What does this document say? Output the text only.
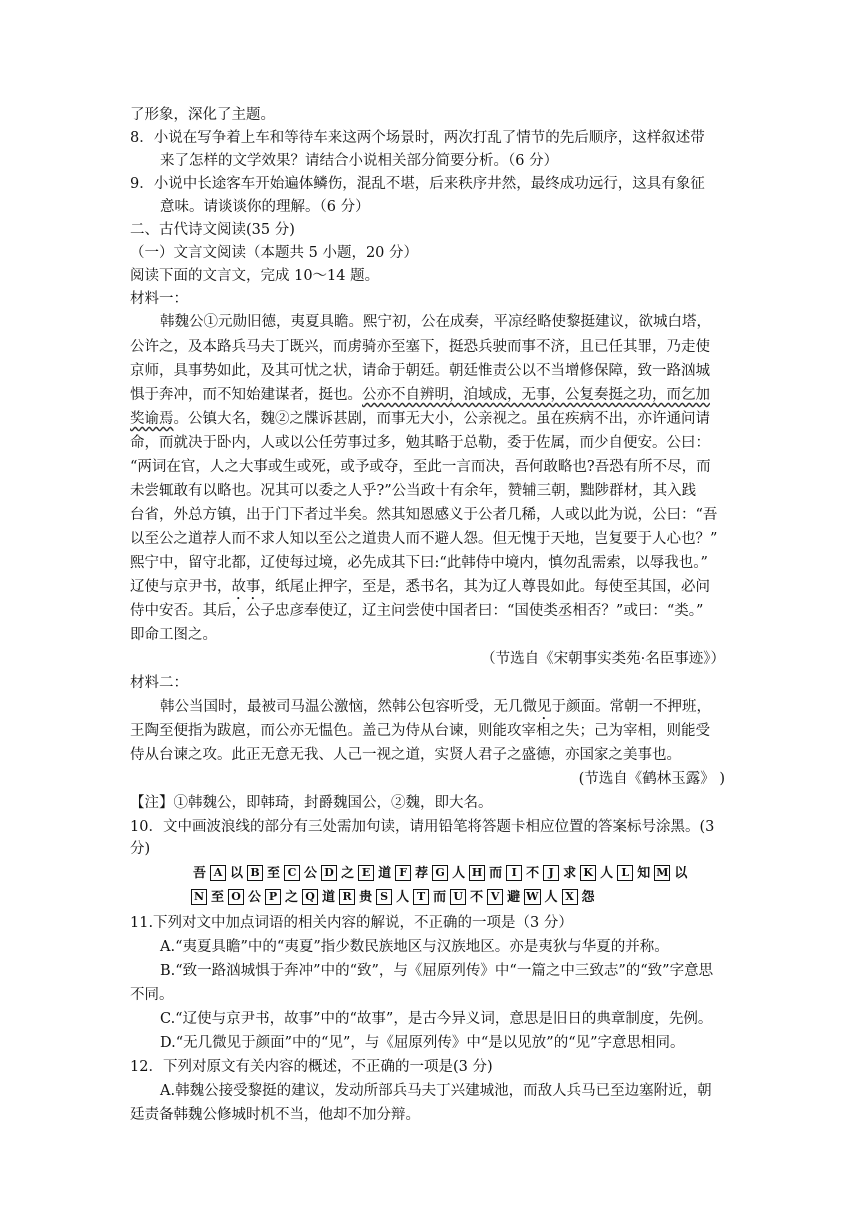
了形象，深化了主题。
8．小说在写争着上车和等待车来这两个场景时，两次打乱了情节的先后顺序，这样叙述带
来了怎样的文学效果？请结合小说相关部分简要分析。（6 分）
9．小说中长途客车开始遍体鳞伤，混乱不堪，后来秩序井然，最终成功远行，这具有象征
意味。请谈谈你的理解。（6 分）
二、古代诗文阅读(35 分)
（一）文言文阅读（本题共 5 小题，20 分）
阅读下面的文言文，完成 10～14 题。
材料一：
韩魏公①元勋旧德，夷夏具瞻。熙宁初，公在成奏，平凉经略使黎挺建议，欲城白塔，
公许之，及本路兵马夫丁既兴，而虏骑亦至塞下，挺恐兵驶而事不济，且已任其罪，乃走使
京师，具事势如此，及其可忧之状，请命于朝廷。朝廷惟责公以不当增修保障，致一路汹城
惧于奔冲，而不知始建谋者，挺也。公亦不自辨明，洎域成，无事，公复奏挺之功，而乞加
奖谕焉。公镇大名，魏②之牒诉甚剧，而事无大小，公亲视之。虽在疾病不出，亦许通问请
命，而就决于卧内，人或以公任劳事过多，勉其略于总勒，委于佐属，而少自便安。公曰：
“两词在官，人之大事或生或死，或予或夺，至此一言而决，吾何敢略也?吾恐有所不尽，而
未尝辄敢有以略也。况其可以委之人乎?”公当政十有余年，赞辅三朝，黜陟群材，其入践
台省，外总方镇，出于门下者过半矣。然其知恩感义于公者几稀，人或以此为说，公曰：“吾
以至公之道荐人而不求人知以至公之道贵人而不避人怨。但无愧于天地，岂复要于人心也？”
熙宁中，留守北都，辽使每过境，必先成其下曰:“此韩侍中境内，慎勿乱需索，以辱我也。”
辽使与京尹书，故事，纸尾止押字，至是，悉书名，其为辽人尊畏如此。每使至其国，必问
侍中安否。其后，公子忠彦奉使辽，辽主问尝使中国者曰：“国使类丞相否？”或曰：“类。”
即命工图之。
（节选自《宋朝事实类苑·名臣事迹》）
材料二：
韩公当国时，最被司马温公激恼，然韩公包容听受，无几微见于颜面。常朝一不押班，
王陶至便指为跋扈，而公亦无愠色。盖己为侍从台谏，则能攻宰相之失；己为宰相，则能受
侍从台谏之攻。此正无意无我、人己一视之道，实贤人君子之盛德，亦国家之美事也。
(节选自《鹤林玉露》 )
【注】①韩魏公，即韩琦，封爵魏国公，②魏，即大名。
10．文中画波浪线的部分有三处需加句读，请用铅笔将答题卡相应位置的答案标号涂黑。(3
分)
吾 A 以 B 至 C 公 D 之 E 道 F 荐 G 人 H 而 I 不 J 求 K 人 L 知 M 以
N 至 O 公 P 之 Q 道 R 贵 S 人 T 而 U 不 V 避 W 人 X 怨
11.下列对文中加点词语的相关内容的解说，不正确的一项是（3 分）
A.“夷夏具瞻”中的“夷夏”指少数民族地区与汉族地区。亦是夷狄与华夏的并称。
B.“致一路汹城惧于奔冲”中的“致”，与《屈原列传》中“一篇之中三致志”的“致”字意思
不同。
C.“辽使与京尹书，故事”中的“故事”，是古今异义词，意思是旧日的典章制度，先例。
D.“无几微见于颜面”中的“见”，与《屈原列传》中“是以见放”的“见”字意思相同。
12．下列对原文有关内容的概述，不正确的一项是(3 分)
A.韩魏公接受黎挺的建议，发动所部兵马夫丁兴建城池，而敌人兵马已至边塞附近，朝
廷责备韩魏公修城时机不当，他却不加分辩。
